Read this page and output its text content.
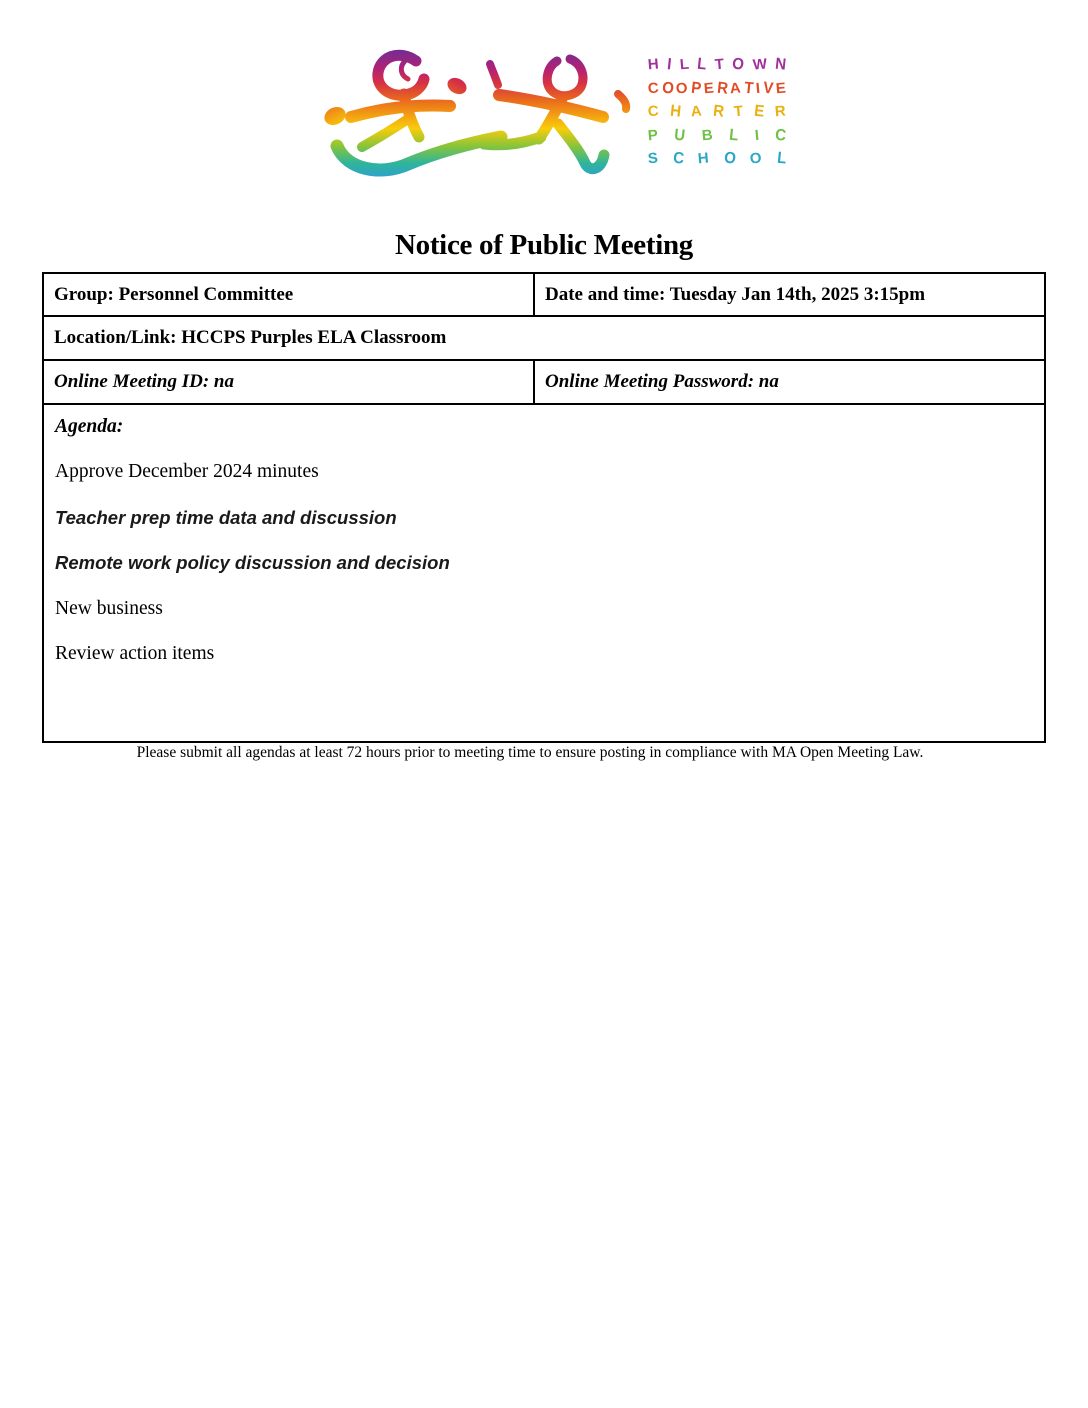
H I L L T O W N
C O O P E R A T I V E
C H A R T E R
P U B L I C
S C H O O L
Notice of Public Meeting
Group: Personnel Committee	Date and time: Tuesday Jan 14th, 2025 3:15pm
Location/Link: HCCPS Purples ELA Classroom
Online Meeting ID: na	Online Meeting Password: na

Agenda:

Approve December 2024 minutes

Teacher prep time data and discussion

Remote work policy discussion and decision

New business

Review action items

Please submit all agendas at least 72 hours prior to meeting time to ensure posting in compliance with MA Open Meeting Law.
